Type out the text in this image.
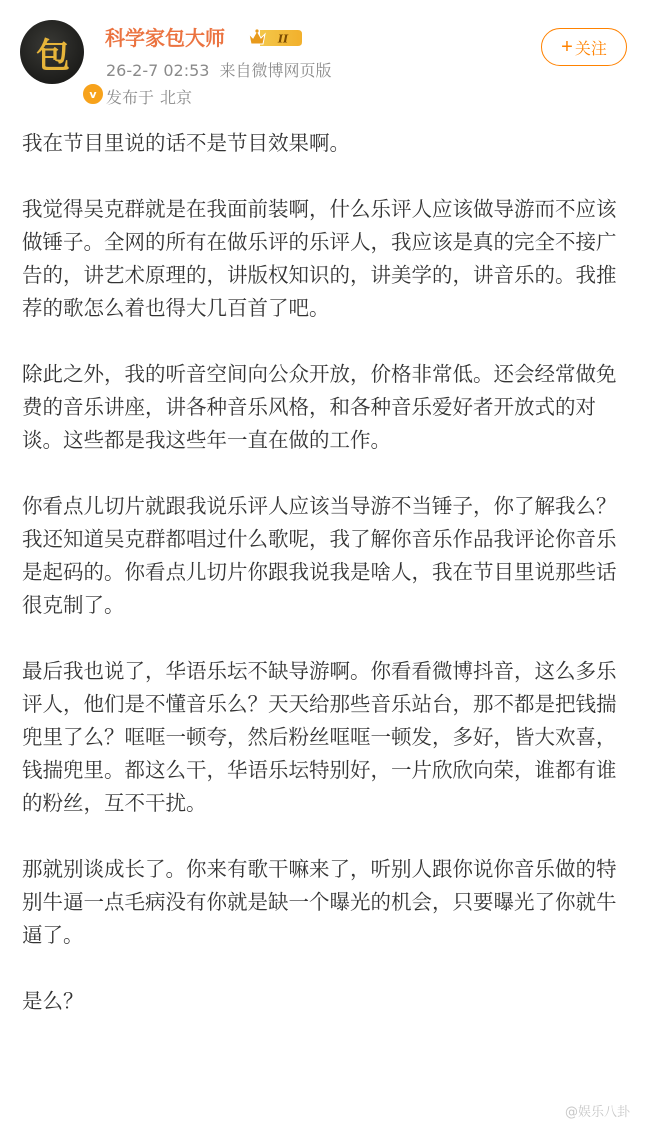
包
v
科学家包大师	II
26-2-7 02:53 来自微博网页版
发布于 北京
+ 关注

我在节目里说的话不是节目效果啊。

我觉得吴克群就是在我面前装啊，什么乐评人应该做导游而不应该做锤子。全网的所有在做乐评的乐评人，我应该是真的完全不接广告的，讲艺术原理的，讲版权知识的，讲美学的，讲音乐的。我推荐的歌怎么着也得大几百首了吧。

除此之外，我的听音空间向公众开放，价格非常低。还会经常做免费的音乐讲座，讲各种音乐风格，和各种音乐爱好者开放式的对谈。这些都是我这些年一直在做的工作。

你看点儿切片就跟我说乐评人应该当导游不当锤子，你了解我么？我还知道吴克群都唱过什么歌呢，我了解你音乐作品我评论你音乐是起码的。你看点儿切片你跟我说我是啥人，我在节目里说那些话很克制了。

最后我也说了，华语乐坛不缺导游啊。你看看微博抖音，这么多乐评人，他们是不懂音乐么？天天给那些音乐站台，那不都是把钱揣兜里了么？哐哐一顿夸，然后粉丝哐哐一顿发，多好，皆大欢喜，钱揣兜里。都这么干，华语乐坛特别好，一片欣欣向荣，谁都有谁的粉丝，互不干扰。

那就别谈成长了。你来有歌干嘛来了，听别人跟你说你音乐做的特别牛逼一点毛病没有你就是缺一个曝光的机会，只要曝光了你就牛逼了。

是么？

@娱乐八卦
